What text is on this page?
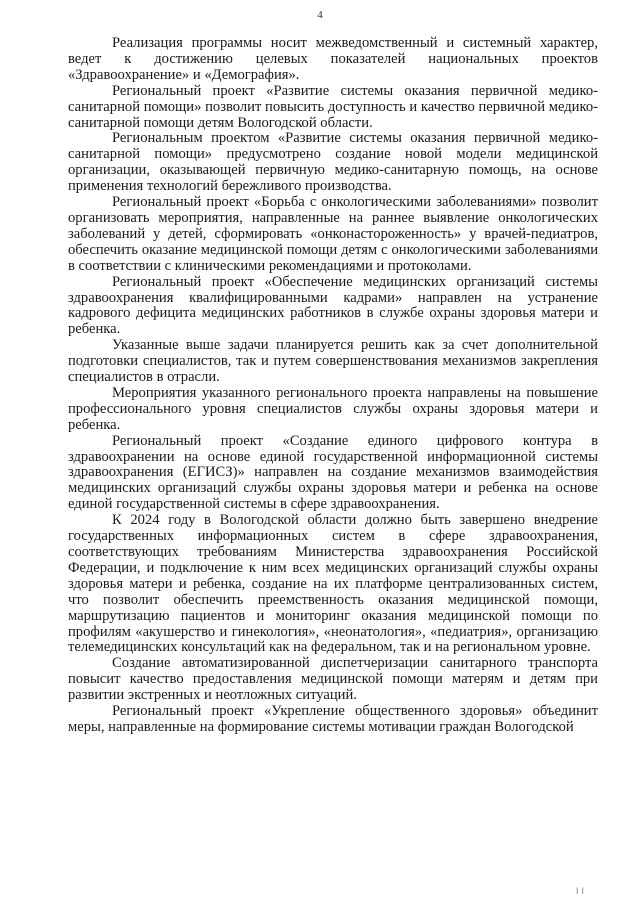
4

Реализация программы носит межведомственный и системный характер, ведет к достижению целевых показателей национальных проектов «Здравоохранение» и «Демография».

Региональный проект «Развитие системы оказания первичной медико-санитарной помощи» позволит повысить доступность и качество первичной медико-санитарной помощи детям Вологодской области.

Региональным проектом «Развитие системы оказания первичной медико-санитарной помощи» предусмотрено создание новой модели медицинской организации, оказывающей первичную медико-санитарную помощь, на основе применения технологий бережливого производства.

Региональный проект «Борьба с онкологическими заболеваниями» позволит организовать мероприятия, направленные на раннее выявление онкологических заболеваний у детей, сформировать «онконастороженность» у врачей-педиатров, обеспечить оказание медицинской помощи детям с онкологическими заболеваниями в соответствии с клиническими рекомендациями и протоколами.

Региональный проект «Обеспечение медицинских организаций системы здравоохранения квалифицированными кадрами» направлен на устранение кадрового дефицита медицинских работников в службе охраны здоровья матери и ребенка.

Указанные выше задачи планируется решить как за счет дополнительной подготовки специалистов, так и путем совершенствования механизмов закрепления специалистов в отрасли.

Мероприятия указанного регионального проекта направлены на повышение профессионального уровня специалистов службы охраны здоровья матери и ребенка.

Региональный проект «Создание единого цифрового контура в здравоохранении на основе единой государственной информационной системы здравоохранения (ЕГИСЗ)» направлен на создание механизмов взаимодействия медицинских организаций службы охраны здоровья матери и ребенка на основе единой государственной системы в сфере здравоохранения.

К 2024 году в Вологодской области должно быть завершено внедрение государственных информационных систем в сфере здравоохранения, соответствующих требованиям Министерства здравоохранения Российской Федерации, и подключение к ним всех медицинских организаций службы охраны здоровья матери и ребенка, создание на их платформе централизованных систем, что позволит обеспечить преемственность оказания медицинской помощи, маршрутизацию пациентов и мониторинг оказания медицинской помощи по профилям «акушерство и гинекология», «неонатология», «педиатрия», организацию телемедицинских консультаций как на федеральном, так и на региональном уровне.

Создание автоматизированной диспетчеризации санитарного транспорта повысит качество предоставления медицинской помощи матерям и детям при развитии экстренных и неотложных ситуаций.

Региональный проект «Укрепление общественного здоровья» объединит меры, направленные на формирование системы мотивации граждан Вологодской

I I
